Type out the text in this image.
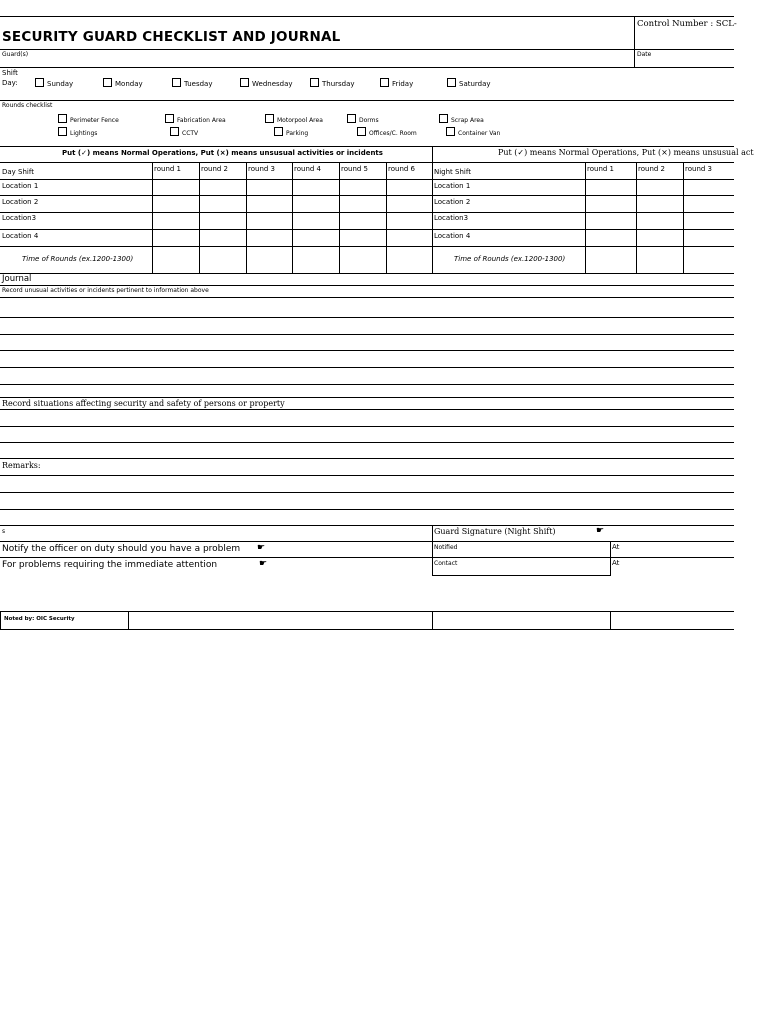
SECURITY GUARD CHECKLIST AND JOURNAL
Control Number : SCL-
Guard(s)	Date
Shift
Day:	Sunday	Monday	Tuesday	Wednesday	Thursday	Friday	Saturday
Rounds checklist
Perimeter Fence	Fabrication Area	Motorpool Area	Dorms	Scrap Area
Lightings	CCTV	Parking	Offices/C. Room	Container Van
Put (✓) means Normal Operations, Put (×) means unsusual activities or incidents	Put (✓) means Normal Operations, Put (×) means unsusual act
Day Shift	round 1	round 2	round 3	round 4	round 5	round 6
Location 1
Location 2
Location3
Location 4
Time of Rounds (ex.1200-1300)
Night Shift	round 1	round 2	round 3
Location 1
Location 2
Location3
Location 4
Time of Rounds (ex.1200-1300)
Journal
Record unusual activities or incidents pertinent to information above
Record situations affecting security and safety of persons or property
Remarks:
s	Guard Signature (Night Shift)	☛
Notify the officer on duty should you have a problem ☛	Notified	At
For problems requiring the immediate attention	☛	Contact	At
Noted by: OIC Security
